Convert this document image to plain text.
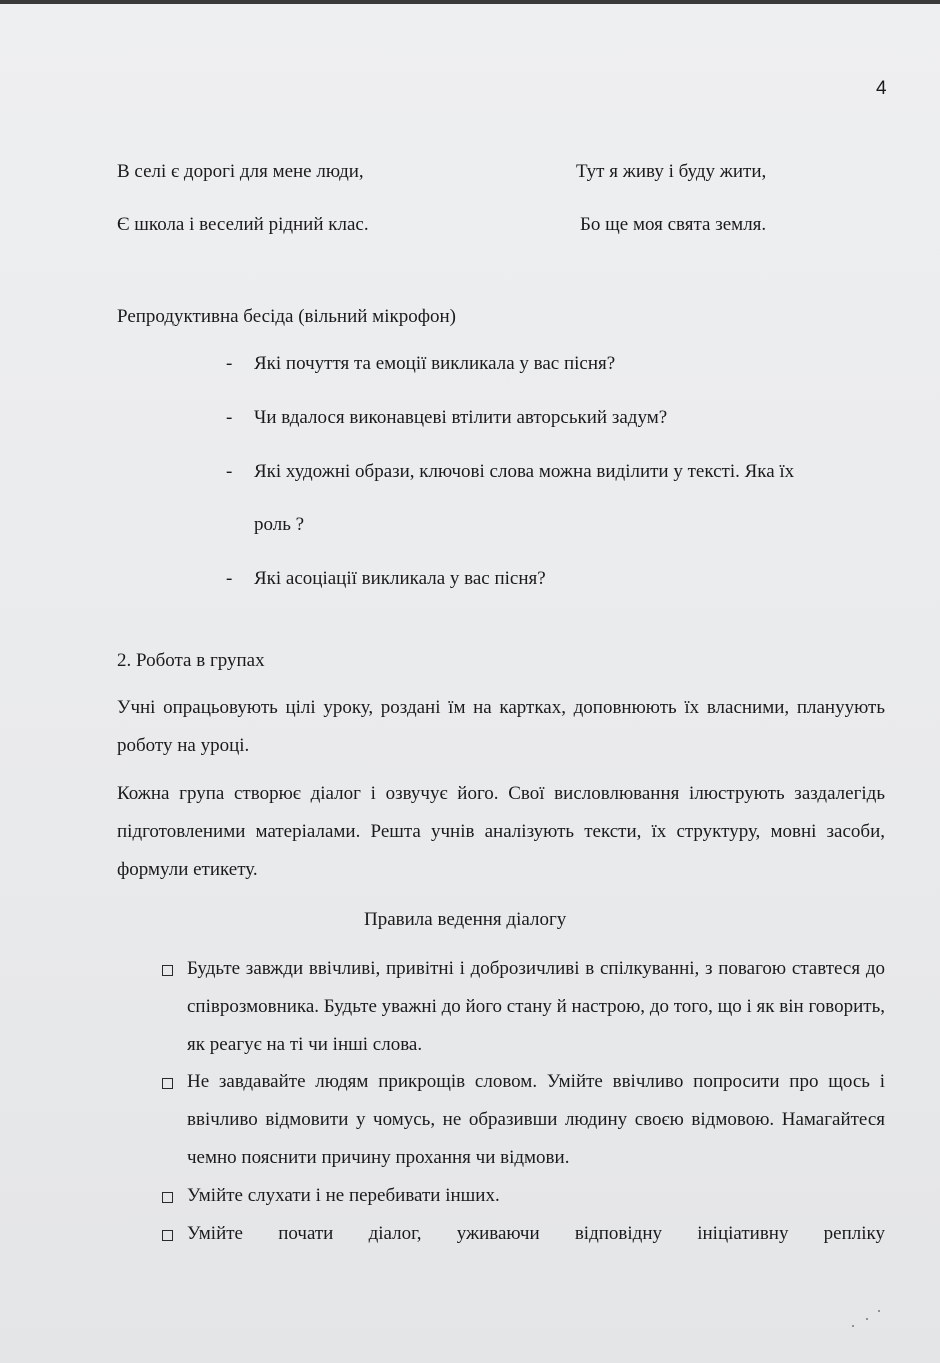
4
В селі є дорогі для мене люди,
Є школа і веселий рідний клас.
Тут я живу і буду жити,
Бо ще моя свята земля.
Репродуктивна бесіда (вільний мікрофон)
- Які почуття та емоції викликала у вас пісня?
- Чи вдалося виконавцеві втілити авторський задум?
- Які художні образи, ключові слова можна виділити у тексті. Яка їх
роль ?
- Які асоціації викликала у вас пісня?
2. Робота в групах
Учні опрацьовують цілі уроку, роздані їм на картках, доповнюють їх власними, плануують роботу на уроці.
Кожна група створює діалог і озвучує його. Свої висловлювання ілюструють заздалегідь підготовленими матеріалами. Решта учнів аналізують тексти, їх структуру, мовні засоби, формули етикету.
Правила ведення діалогу
Будьте завжди ввічливі, привітні і доброзичливі в спілкуванні, з повагою ставтеся до співрозмовника. Будьте уважні до його стану й настрою, до того, що і як він говорить, як реагує на ті чи інші слова.
Не завдавайте людям прикрощів словом. Умійте ввічливо попросити про щось і ввічливо відмовити у чомусь, не образивши людину своєю відмовою. Намагайтеся чемно пояснити причину прохання чи відмови.
Умійте слухати і не перебивати інших.
Умійте почати діалог, уживаючи відповідну ініціативну репліку
